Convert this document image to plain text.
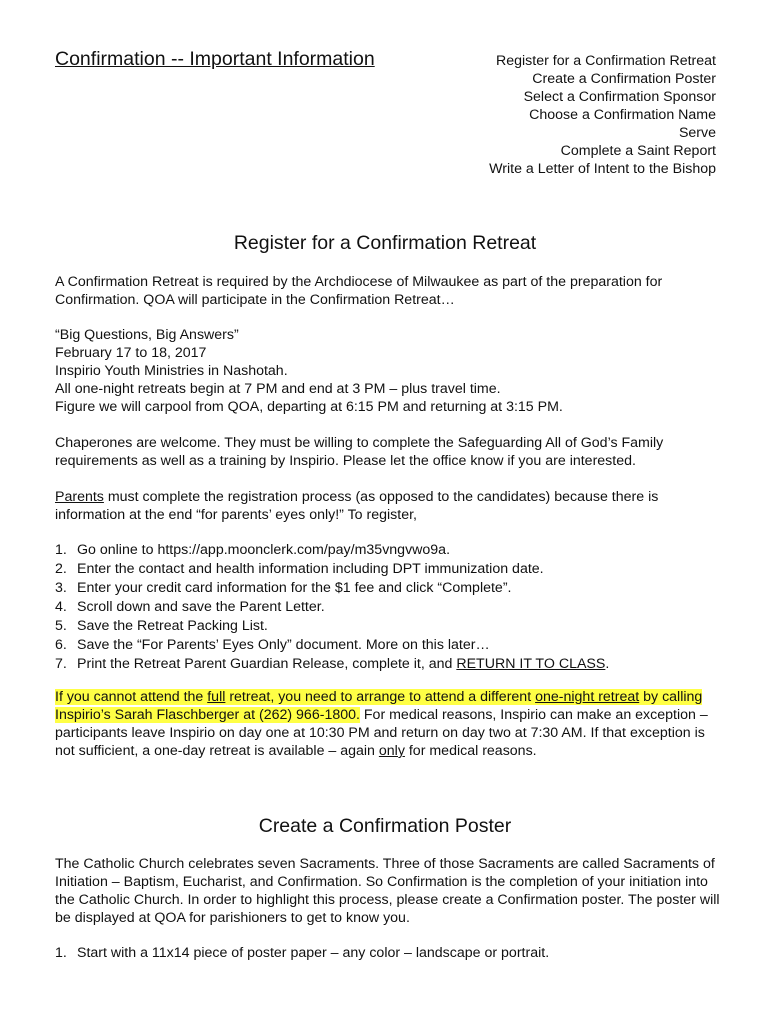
Confirmation -- Important Information	Register for a Confirmation Retreat
Create a Confirmation Poster
Select a Confirmation Sponsor
Choose a Confirmation Name
Serve
Complete a Saint Report
Write a Letter of Intent to the Bishop
Register for a Confirmation Retreat

A Confirmation Retreat is required by the Archdiocese of Milwaukee as part of the preparation for Confirmation. QOA will participate in the Confirmation Retreat…

“Big Questions, Big Answers”
February 17 to 18, 2017
Inspirio Youth Ministries in Nashotah.
All one-night retreats begin at 7 PM and end at 3 PM – plus travel time.
Figure we will carpool from QOA, departing at 6:15 PM and returning at 3:15 PM.

Chaperones are welcome. They must be willing to complete the Safeguarding All of God’s Family requirements as well as a training by Inspirio. Please let the office know if you are interested.

Parents must complete the registration process (as opposed to the candidates) because there is information at the end “for parents’ eyes only!” To register,

1. Go online to https://app.moonclerk.com/pay/m35vngvwo9a.
2. Enter the contact and health information including DPT immunization date.
3. Enter your credit card information for the $1 fee and click “Complete”.
4. Scroll down and save the Parent Letter.
5. Save the Retreat Packing List.
6. Save the “For Parents’ Eyes Only” document. More on this later…
7. Print the Retreat Parent Guardian Release, complete it, and RETURN IT TO CLASS.

If you cannot attend the full retreat, you need to arrange to attend a different one-night retreat by calling Inspirio’s Sarah Flaschberger at (262) 966-1800. For medical reasons, Inspirio can make an exception – participants leave Inspirio on day one at 10:30 PM and return on day two at 7:30 AM. If that exception is not sufficient, a one-day retreat is available – again only for medical reasons.

Create a Confirmation Poster

The Catholic Church celebrates seven Sacraments. Three of those Sacraments are called Sacraments of Initiation – Baptism, Eucharist, and Confirmation. So Confirmation is the completion of your initiation into the Catholic Church. In order to highlight this process, please create a Confirmation poster. The poster will be displayed at QOA for parishioners to get to know you.

1. Start with a 11x14 piece of poster paper – any color – landscape or portrait.
